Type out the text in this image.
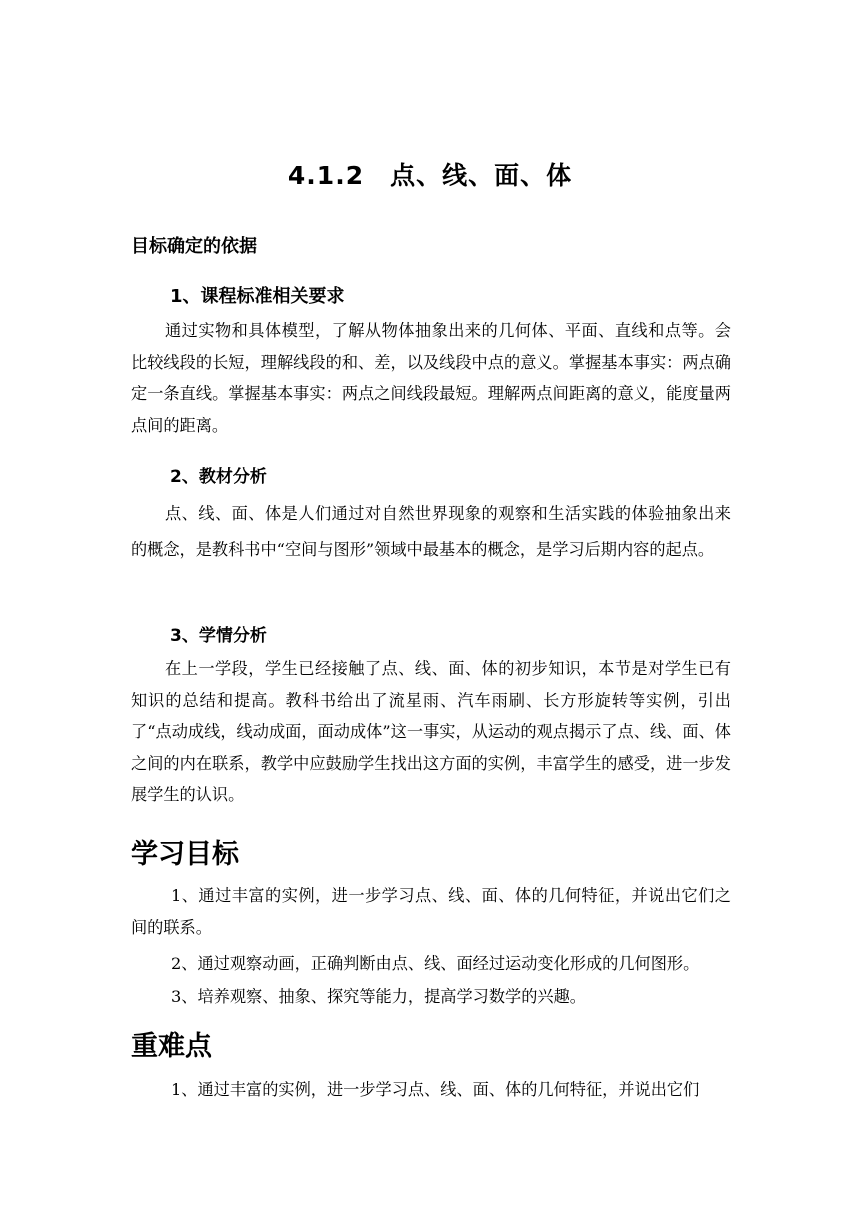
4.1.2　点、线、面、体
目标确定的依据
1、课程标准相关要求

通过实物和具体模型，了解从物体抽象出来的几何体、平面、直线和点等。会比较线段的长短，理解线段的和、差，以及线段中点的意义。掌握基本事实：两点确定一条直线。掌握基本事实：两点之间线段最短。理解两点间距离的意义，能度量两点间的距离。

2、教材分析

点、线、面、体是人们通过对自然世界现象的观察和生活实践的体验抽象出来的概念，是教科书中“空间与图形”领域中最基本的概念，是学习后期内容的起点。

3、学情分析

在上一学段，学生已经接触了点、线、面、体的初步知识，本节是对学生已有知识的总结和提高。教科书给出了流星雨、汽车雨刷、长方形旋转等实例，引出了“点动成线，线动成面，面动成体”这一事实，从运动的观点揭示了点、线、面、体之间的内在联系，教学中应鼓励学生找出这方面的实例，丰富学生的感受，进一步发展学生的认识。

学习目标

1、通过丰富的实例，进一步学习点、线、面、体的几何特征，并说出它们之间的联系。

2、通过观察动画，正确判断由点、线、面经过运动变化形成的几何图形。

3、培养观察、抽象、探究等能力，提高学习数学的兴趣。

重难点

1、通过丰富的实例，进一步学习点、线、面、体的几何特征，并说出它们
